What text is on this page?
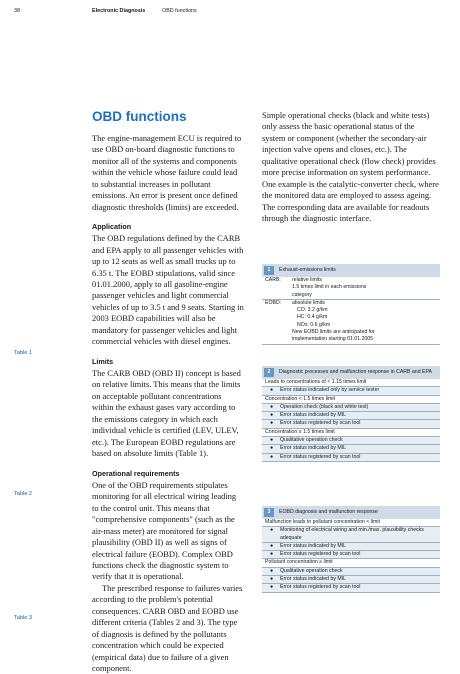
38	Electronic Diagnosis	OBD functions
Table 1
Table 2
Table 3
OBD functions

The engine-management ECU is required to use OBD on-board diagnostic functions to monitor all of the systems and components within the vehicle whose failure could lead to substantial increases in pollutant emissions. An error is present once defined diagnostic thresholds (limits) are exceeded.

Application

The OBD regulations defined by the CARB and EPA apply to all passenger vehicles with up to 12 seats as well as small trucks up to 6.35 t. The EOBD stipulations, valid since 01.01.2000, apply to all gasoline-engine passenger vehicles and light commercial vehicles of up to 3.5 t and 9 seats. Starting in 2003 EOBD capabilities will also be mandatory for passenger vehicles and light commercial vehicles with diesel engines.

Limits

The CARB OBD (OBD II) concept is based on relative limits. This means that the limits on acceptable pollutant concentrations within the exhaust gases vary according to the emissions category in which each individual vehicle is certified (LEV, ULEV, etc.). The European EOBD regulations are based on absolute limits (Table 1).

Operational requirements

One of the OBD requirements stipulates monitoring for all electrical wiring leading to the control unit. This means that "comprehensive components" (such as the air-mass meter) are monitored for signal plausibility (OBD II) as well as signs of electrical failure (EOBD). Complex OBD functions check the diagnostic system to verify that it is operational.

The prescribed response to failures varies according to the problem's potential consequences. CARB OBD and EOBD use different criteria (Tables 2 and 3). The type of diagnosis is defined by the pollutants concentration which could be expected (empirical data) due to failure of a given component.

Simple operational checks (black and white tests) only assess the basic operational status of the system or component (whether the secondary-air injection valve opens and closes, etc.). The qualitative operational check (flow check) provides more precise information on system performance. One example is the catalytic-converter check, where the monitored data are employed to assess ageing. The corresponding data are available for readouts through the diagnostic interface.

1	Exhaust-emissions limits
CARB:	relative limits
1.5 times limit in each emissions
category
EOBD:	absolute limits
CO: 3.2 g/km
HC: 0.4 g/km
NOx: 0.6 g/km
New EOBD limits are anticipated for
implementation starting 01.01.2005
2	Diagnostic processes and malfunction response in CARB and EPA
Leads to concentrations of < 1.15 times limit
●	Error status indicated only by service tester
Concentration < 1.5 times limit
●	Operation check (black and white test)
●	Error status indicated by MIL
●	Error status registered by scan tool
Concentration ≥ 1.5 times limit
●	Qualitative operation check
●	Error status indicated by MIL
●	Error status registered by scan tool
3	EOBD diagnosis and malfunction response
Malfunction leads to pollutant concentration < limit
●	Monitoring of electrical wiring and min./max. plausibility checks adequate
●	Error status indicated by MIL
●	Error status registered by scan tool
Pollutant concentration ≥ limit
●	Qualitative operation check
●	Error status indicated by MIL
●	Error status registered by scan tool
